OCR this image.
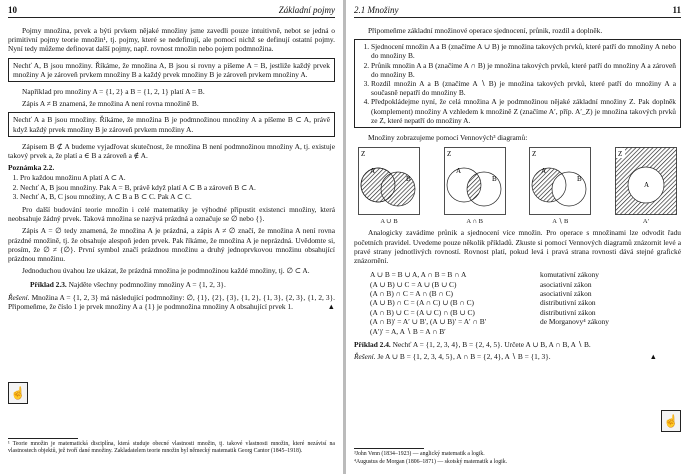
10	Základní pojmy

Pojmy množina, prvek a býti prvkem nějaké množiny jsme zavedli pouze intuitivně, nebot se jedná o primitivní pojmy teorie množin¹, tj. pojmy, které se nedefinují, ale pomocí nichž se definují ostatní pojmy. Nyní tedy můžeme definovat další pojmy, např. rovnost množin nebo pojem podmnožina.

Nechť A, B jsou množiny. Říkáme, že množina A, B jsou si rovny a píšeme A = B, jestliže každý prvek množiny A je zároveň prvkem množiny B a každý prvek množiny B je zároveň prvkem množiny A.

Například pro množiny A = {1, 2} a B = {1, 2, 1} platí A = B.

Zápis A ≠ B znamená, že množina A není rovna množině B.

Nechť A a B jsou množiny. Říkáme, že množina B je podmnožinou množiny A a píšeme B ⊂ A, právě když každý prvek množiny B je zároveň prvkem množiny A.

Zápisem B ⊄ A budeme vyjadřovat skutečnost, že množina B není podmnožinou množiny A, tj. existuje takový prvek a, že platí a ∈ B a zároveň a ∉ A.

Poznámka 2.2.

1. Pro každou množinu A platí A ⊂ A.
2. Nechť A, B jsou množiny. Pak A = B, právě když platí A ⊂ B a zároveň B ⊂ A.
3. Nechť A, B, C jsou množiny, A ⊂ B a B ⊂ C. Pak A ⊂ C.

Pro další budování teorie množin i celé matematiky je výhodné připustit existenci množiny, která neobsahuje žádný prvek. Taková množina se nazývá prázdná a označuje se ∅ nebo {}.

Zápis A = ∅ tedy znamená, že množina A je prázdná, a zápis A ≠ ∅ značí, že množina A není rovna prázdné množině, tj. že obsahuje alespoň jeden prvek. Pak říkáme, že množina A je neprázdná. Uvědomte si, prosím, že ∅ ≠ {∅}. První symbol značí prázdnou množinu a druhý jednoprvkovou množinu obsahující prázdnou množinu.

Jednoduchou úvahou lze ukázat, že prázdná množina je podmnožinou každé množiny, tj. ∅ ⊂ A.

Příklad 2.3. Najděte všechny podmnožiny množiny A = {1, 2, 3}.

Řešení. Množina A = {1, 2, 3} má následující podmnožiny: ∅, {1}, {2}, {3}, {1, 2}, {1, 3}, {2, 3}, {1, 2, 3}. Připomeňme, že číslo 1 je prvek množiny A a {1} je podmnožina množiny A obsahující prvek 1.	▲

☝
¹ Teorie množin je matematická disciplína, která studuje obecné vlastnosti množin, tj. takové vlastnosti množin, které nezávisí na vlastnostech objektů, jež tvoří dané množiny. Zakladatelem teorie množin byl německý matematik Georg Cantor (1845–1918).
2.1 Množiny	11

Připomeňme základní množinové operace sjednocení, průnik, rozdíl a doplněk.

1. Sjednocení množin A a B (značíme A ∪ B) je množina takových prvků, které patří do množiny A nebo do množiny B.
2. Průnik množin A a B (značíme A ∩ B) je množina takových prvků, které patří do množiny A a zároveň do množiny B.
3. Rozdíl množin A a B (značíme A ∖ B) je množina takových prvků, které patří do množiny A a současně nepatří do množiny B.
4. Předpokládejme nyní, že celá množina A je podmnožinou nějaké základní množiny Z. Pak doplněk (komplement) množiny A vzhledem k množině Z (značíme A′, příp. A′_Z) je množina takových prvků ze Z, které nepatří do množiny A.

Množiny zobrazujeme pomocí Vennových³ diagramů:

Z
A
B
A ∪ B
Z
A
B
A ∩ B
Z
A
B
A ∖ B
Z
A
A′

Analogicky zavádíme průnik a sjednocení více množin. Pro operace s množinami lze odvodit řadu početních pravidel. Uvedeme pouze několik příkladů. Zkuste si pomocí Vennových diagramů znázornit levé a pravé strany jednotlivých rovností. Rovnost platí, pokud levá i pravá strana rovnosti dává stejné grafické znázornění.

A ∪ B = B ∪ A, A ∩ B = B ∩ A	komutativní zákony
(A ∪ B) ∪ C = A ∪ (B ∪ C)	asociativní zákon
(A ∩ B) ∩ C = A ∩ (B ∩ C)	asociativní zákon
(A ∪ B) ∩ C = (A ∩ C) ∪ (B ∩ C)	distributivní zákon
(A ∩ B) ∪ C = (A ∪ C) ∩ (B ∪ C)	distributivní zákon
(A ∩ B)′ = A′ ∪ B′, (A ∪ B)′ = A′ ∩ B′	de Morganovy⁴ zákony
(A′)′ = A, A ∖ B = A ∩ B′

Příklad 2.4. Nechť A = {1, 2, 3, 4}, B = {2, 4, 5}. Určete A ∪ B, A ∩ B, A ∖ B.

Řešení. Je A ∪ B = {1, 2, 3, 4, 5}, A ∩ B = {2, 4}, A ∖ B = {1, 3}.	▲

☝
³John Venn (1834–1923) — anglický matematik a logik.
⁴Augustus de Morgan (1806–1871) — skotský matematik a logik.
